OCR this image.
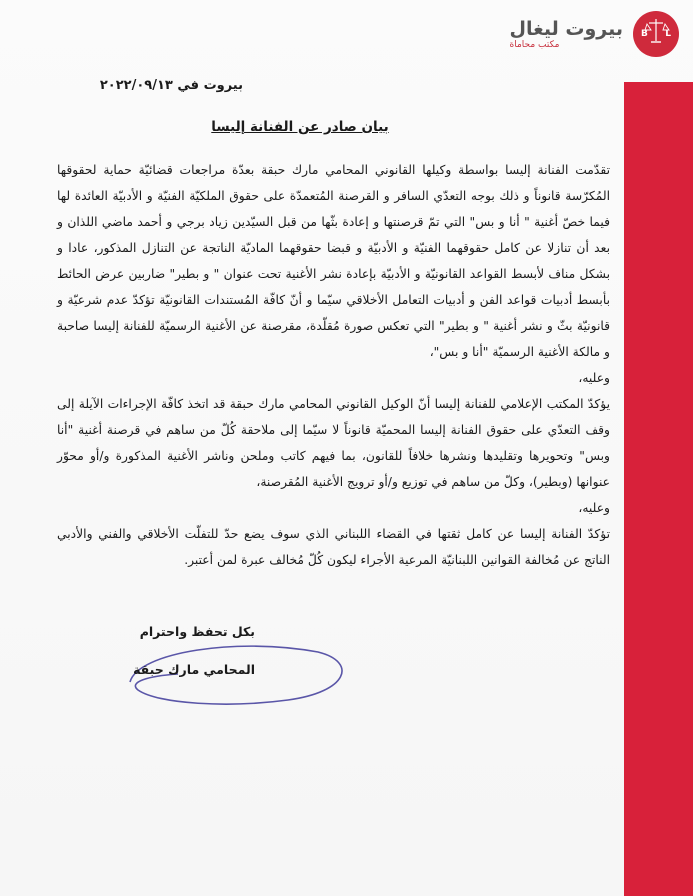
بيروت ليغال
مكتب محاماة
B L
بيروت في ٢٠٢٢/٠٩/١٣
بيان صادر عن الفنانة إليسا

تقدّمت الفنانة إليسا بواسطة وكيلها القانوني المحامي مارك حبقة بعدّة مراجعات قضائيّة حماية لحقوقها المُكرّسة قانوناً و ذلك بوجه التعدّي السافر و القرصنة المُتعمدّة على حقوق الملكيّة الفنيّة و الأدبيّة العائدة لها فيما خصّ أغنية " أنا و بس" التي تمّ قرصنتها و إعادة بثّها من قبل السيّدين زياد برجي و أحمد ماضي اللذان و بعد أن تنازلا عن كامل حقوقهما الفنيّة و الأدبيّة و قبضا حقوقهما الماديّة الناتجة عن التنازل المذكور، عادا و بشكل مناف لأبسط القواعد القانونيّة و الأدبيّة بإعادة نشر الأغنية تحت عنوان " و بطير" ضاربين عرض الحائط بأبسط أدبيات قواعد الفن و أدبيات التعامل الأخلاقي سيّما و أنّ كافّة المُستندات القانونيّة تؤكدّ عدم شرعيّة و قانونيّة بثّ و نشر أغنية " و بطير" التي تعكس صورة مُقلّدة، مقرصنة عن الأغنية الرسميّة للفنانة إليسا صاحبة و مالكة الأغنية الرسميّة "أنا و بس"،

وعليه،

يؤكدّ المكتب الإعلامي للفنانة إليسا أنّ الوكيل القانوني المحامي مارك حبقة قد اتخذ كافّة الإجراءات الآيلة إلى وقف التعدّي على حقوق الفنانة إليسا المحميّة قانوناً لا سيّما إلى ملاحقة كُلّ من ساهم في قرصنة أغنية "أنا وبس" وتحويرها وتقليدها ونشرها خلافاً للقانون، بما فيهم كاتب وملحن وناشر الأغنية المذكورة و/أو محوّر عنوانها (وبطير)، وكلّ من ساهم في توزيع و/أو ترويج الأغنية المُقرصنة،

وعليه،

تؤكدّ الفنانة إليسا عن كامل ثقتها في القضاء اللبناني الذي سوف يضع حدّ للتفلّت الأخلاقي والفني والأدبي الناتج عن مُخالفة القوانين اللبنانيّة المرعية الأجراء ليكون كُلّ مُخالف عبرة لمن أعتبر.

بكل تحفظ واحترام
المحامي مارك حبقة
